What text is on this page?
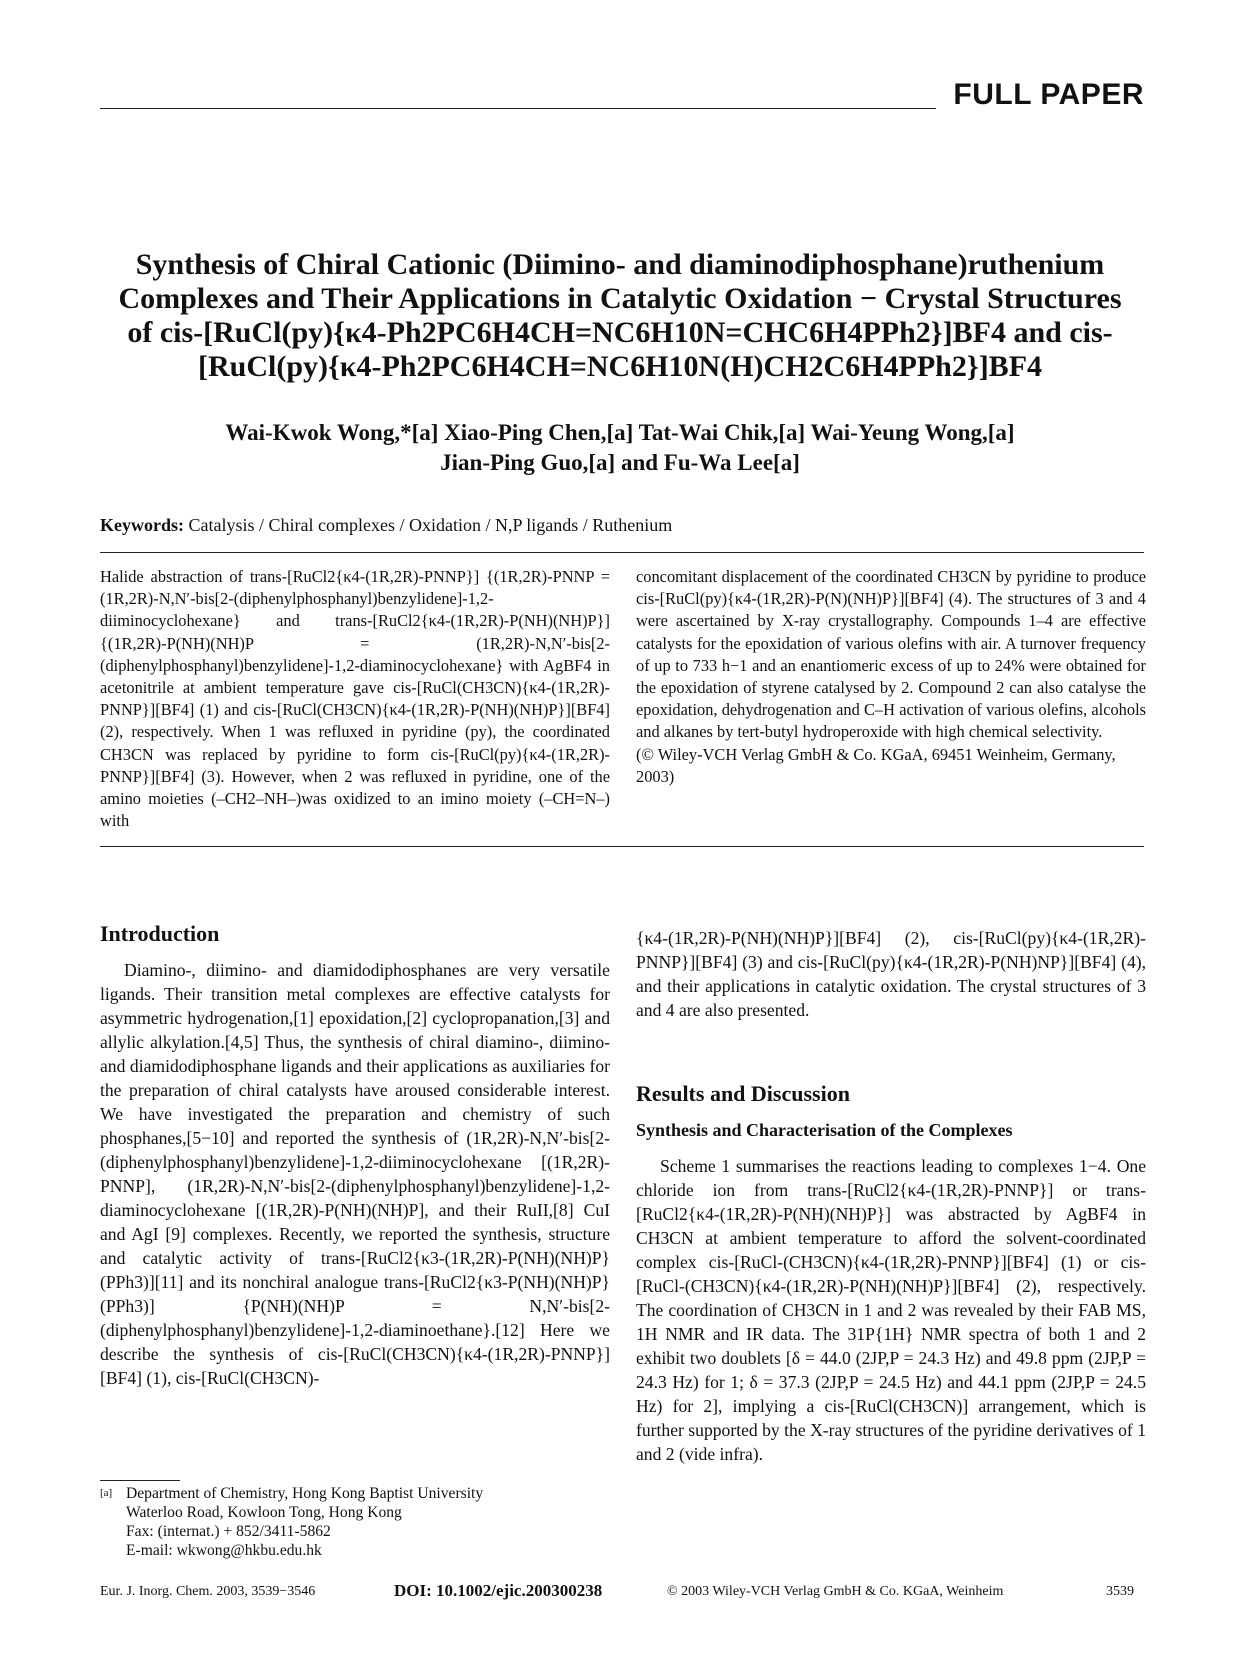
FULL PAPER
Synthesis of Chiral Cationic (Diimino- and diaminodiphosphane)ruthenium
Complexes and Their Applications in Catalytic Oxidation − Crystal Structures
of cis-[RuCl(py){κ4-Ph2PC6H4CH=NC6H10N=CHC6H4PPh2}]BF4 and cis-
[RuCl(py){κ4-Ph2PC6H4CH=NC6H10N(H)CH2C6H4PPh2}]BF4
Wai-Kwok Wong,*[a] Xiao-Ping Chen,[a] Tat-Wai Chik,[a] Wai-Yeung Wong,[a]
Jian-Ping Guo,[a] and Fu-Wa Lee[a]
Keywords: Catalysis / Chiral complexes / Oxidation / N,P ligands / Ruthenium

Halide abstraction of trans-[RuCl2{κ4-(1R,2R)-PNNP}] {(1R,2R)-PNNP = (1R,2R)-N,N′-bis[2-(diphenylphosphanyl)benzylidene]-1,2-diiminocyclohexane} and trans-[RuCl2{κ4-(1R,2R)-P(NH)(NH)P}] {(1R,2R)-P(NH)(NH)P = (1R,2R)-N,N′-bis[2-(diphenylphosphanyl)benzylidene]-1,2-diaminocyclohexane} with AgBF4 in acetonitrile at ambient temperature gave cis-[RuCl(CH3CN){κ4-(1R,2R)-PNNP}][BF4] (1) and cis-[RuCl(CH3CN){κ4-(1R,2R)-P(NH)(NH)P}][BF4] (2), respectively. When 1 was refluxed in pyridine (py), the coordinated CH3CN was replaced by pyridine to form cis-[RuCl(py){κ4-(1R,2R)-PNNP}][BF4] (3). However, when 2 was refluxed in pyridine, one of the amino moieties (–CH2–NH–)was oxidized to an imino moiety (–CH=N–) with

concomitant displacement of the coordinated CH3CN by pyridine to produce cis-[RuCl(py){κ4-(1R,2R)-P(N)(NH)P}][BF4] (4). The structures of 3 and 4 were ascertained by X-ray crystallography. Compounds 1–4 are effective catalysts for the epoxidation of various olefins with air. A turnover frequency of up to 733 h−1 and an enantiomeric excess of up to 24% were obtained for the epoxidation of styrene catalysed by 2. Compound 2 can also catalyse the epoxidation, dehydrogenation and C–H activation of various olefins, alcohols and alkanes by tert-butyl hydroperoxide with high chemical selectivity.

(© Wiley-VCH Verlag GmbH & Co. KGaA, 69451 Weinheim, Germany, 2003)

Introduction

Diamino-, diimino- and diamidodiphosphanes are very versatile ligands. Their transition metal complexes are effective catalysts for asymmetric hydrogenation,[1] epoxidation,[2] cyclopropanation,[3] and allylic alkylation.[4,5] Thus, the synthesis of chiral diamino-, diimino- and diamidodiphosphane ligands and their applications as auxiliaries for the preparation of chiral catalysts have aroused considerable interest. We have investigated the preparation and chemistry of such phosphanes,[5−10] and reported the synthesis of (1R,2R)-N,N′-bis[2-(diphenylphosphanyl)benzylidene]-1,2-diiminocyclohexane [(1R,2R)-PNNP], (1R,2R)-N,N′-bis[2-(diphenylphosphanyl)benzylidene]-1,2-diaminocyclohexane [(1R,2R)-P(NH)(NH)P], and their RuII,[8] CuI and AgI [9] complexes. Recently, we reported the synthesis, structure and catalytic activity of trans-[RuCl2{κ3-(1R,2R)-P(NH)(NH)P}(PPh3)][11] and its nonchiral analogue trans-[RuCl2{κ3-P(NH)(NH)P}(PPh3)] {P(NH)(NH)P = N,N′-bis[2-(diphenylphosphanyl)benzylidene]-1,2-diaminoethane}.[12] Here we describe the synthesis of cis-[RuCl(CH3CN){κ4-(1R,2R)-PNNP}][BF4] (1), cis-[RuCl(CH3CN)-

{κ4-(1R,2R)-P(NH)(NH)P}][BF4] (2), cis-[RuCl(py){κ4-(1R,2R)-PNNP}][BF4] (3) and cis-[RuCl(py){κ4-(1R,2R)-P(NH)NP}][BF4] (4), and their applications in catalytic oxidation. The crystal structures of 3 and 4 are also presented.

Results and Discussion
Synthesis and Characterisation of the Complexes

Scheme 1 summarises the reactions leading to complexes 1−4. One chloride ion from trans-[RuCl2{κ4-(1R,2R)-PNNP}] or trans-[RuCl2{κ4-(1R,2R)-P(NH)(NH)P}] was abstracted by AgBF4 in CH3CN at ambient temperature to afford the solvent-coordinated complex cis-[RuCl-(CH3CN){κ4-(1R,2R)-PNNP}][BF4] (1) or cis-[RuCl-(CH3CN){κ4-(1R,2R)-P(NH)(NH)P}][BF4] (2), respectively. The coordination of CH3CN in 1 and 2 was revealed by their FAB MS, 1H NMR and IR data. The 31P{1H} NMR spectra of both 1 and 2 exhibit two doublets [δ = 44.0 (2JP,P = 24.3 Hz) and 49.8 ppm (2JP,P = 24.3 Hz) for 1; δ = 37.3 (2JP,P = 24.5 Hz) and 44.1 ppm (2JP,P = 24.5 Hz) for 2], implying a cis-[RuCl(CH3CN)] arrangement, which is further supported by the X-ray structures of the pyridine derivatives of 1 and 2 (vide infra).

[a] Department of Chemistry, Hong Kong Baptist University
Waterloo Road, Kowloon Tong, Hong Kong
Fax: (internat.) + 852/3411-5862
E-mail: wkwong@hkbu.edu.hk
Eur. J. Inorg. Chem. 2003, 3539−3546	DOI: 10.1002/ejic.200300238	© 2003 Wiley-VCH Verlag GmbH & Co. KGaA, Weinheim	3539
